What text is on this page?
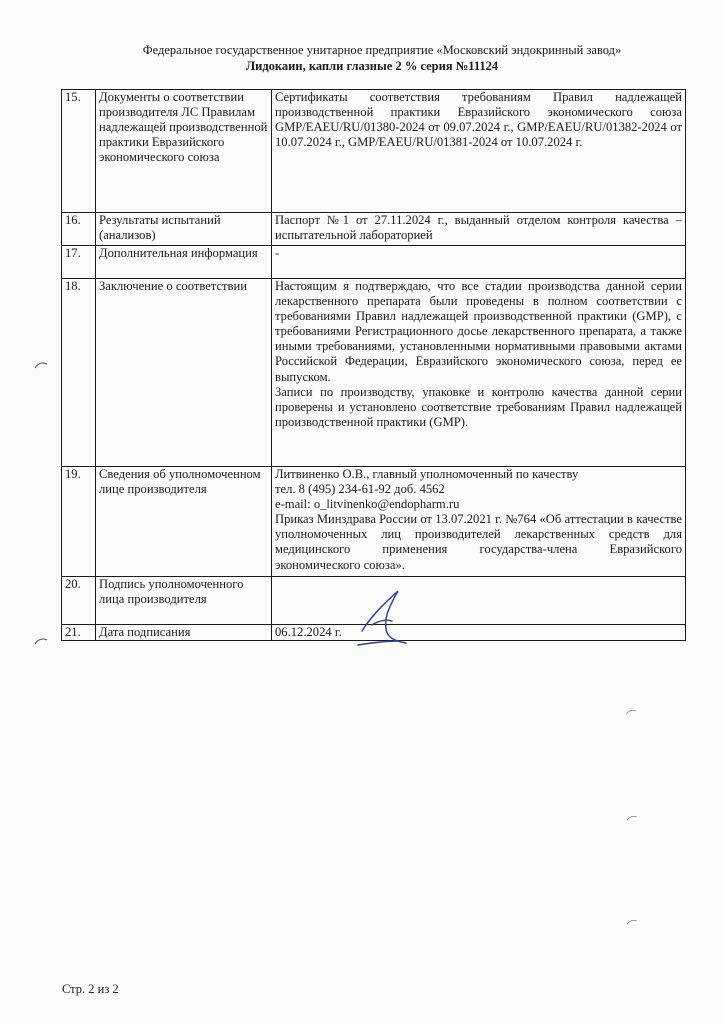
Федеральное государственное унитарное предприятие «Московский эндокринный завод»
Лидокаин, капли глазные 2 % серия №11124
15.	Документы о соответствии производителя ЛС Правилам надлежащей производственной практики Евразийского экономического союза	Сертификаты соответствия требованиям Правил надлежащей производственной практики Евразийского экономического союза GMP/EAEU/RU/01380-2024 от 09.07.2024 г., GMP/EAEU/RU/01382-2024 от 10.07.2024 г., GMP/EAEU/RU/01381-2024 от 10.07.2024 г.
16.	Результаты испытаний (анализов)	Паспорт №1 от 27.11.2024 г., выданный отделом контроля качества – испытательной лабораторией
17.	Дополнительная информация	-
18.	Заключение о соответствии	Настоящим я подтверждаю, что все стадии производства данной серии лекарственного препарата были проведены в полном соответствии с требованиями Правил надлежащей производственной практики (GMP), с требованиями Регистрационного досье лекарственного препарата, а также иными требованиями, установленными нормативными правовыми актами Российской Федерации, Евразийского экономического союза, перед ее выпуском.
Записи по производству, упаковке и контролю качества данной серии проверены и установлено соответствие требованиям Правил надлежащей производственной практики (GMP).

19.	Сведения об уполномоченном лице производителя	Литвиненко О.В., главный уполномоченный по качеству
тел. 8 (495) 234-61-92 доб. 4562
e-mail: o_litvinenko@endopharm.ru
Приказ Минздрава России от 13.07.2021 г. №764 «Об аттестации в качестве уполномоченных лиц производителей лекарственных средств для медицинского применения государства-члена Евразийского экономического союза».

20.	Подпись уполномоченного лица производителя	
21.	Дата подписания	06.12.2024 г.
Стр. 2 из 2
